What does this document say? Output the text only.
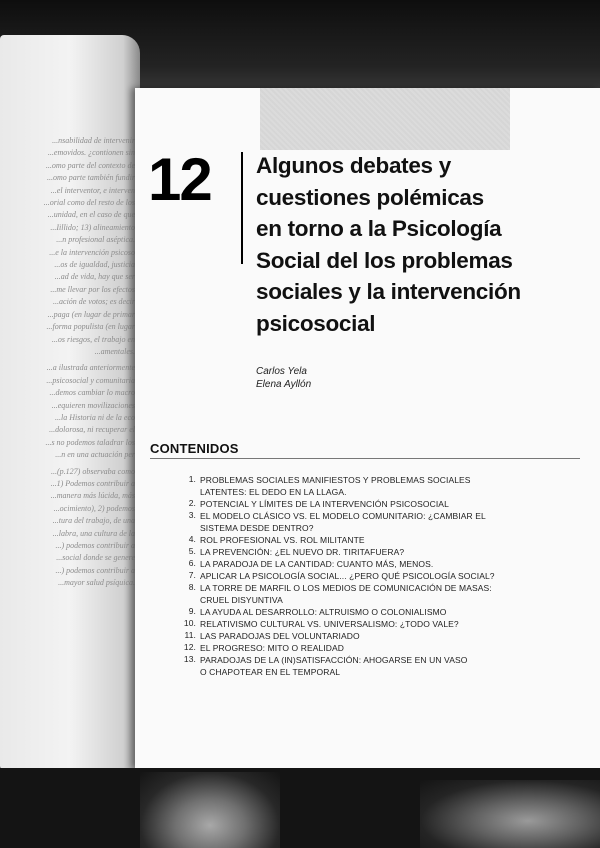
...nsabilidad de intervenir
...emovidos. ¿contionen sin
...omo parte del contexto de
...omo parte también fundir
...el interventor, e interven
...orial como del resto de los
...unidad, en el caso de que
...Iillido; 13) alineamiento
...n profesional aséptica.
...e la intervención psicoso
...os de igualdad, justicia
...ad de vida, hay que ser
...me llevar por los efectos
...ación de votos; es decir
...paga (en lugar de primar
...forma populista (en lugar
...os riesgos, el trabajo en
...amentales.
...a ilustrada anteriormente
...psicosocial y comunitaria
...demos cambiar lo macro
...equieren movilizaciones
...la Historia ni de la eco
...dolorosa, ni recuperar el
...s no podemos taladrar los
...n en una actuación per
...(p.127) observaba como
...1) Podemos contribuir a
...manera más lúcida, más
...ocimiento), 2) podemos
...tura del trabajo, de una
...labra, una cultura de la
...) podemos contribuir a
...social donde se genere
...) podemos contribuir a
...mayor salud psíquica.
12	Algunos debates y
cuestiones polémicas
en torno a la Psicología
Social del los problemas
sociales y la intervención
psicosocial
Carlos Yela
Elena Ayllón
CONTENIDOS
1. PROBLEMAS SOCIALES MANIFIESTOS Y PROBLEMAS SOCIALES
LATENTES: EL DEDO EN LA LLAGA.
2. POTENCIAL Y LÍMITES DE LA INTERVENCIÓN PSICOSOCIAL
3. EL MODELO CLÁSICO VS. EL MODELO COMUNITARIO: ¿CAMBIAR EL
SISTEMA DESDE DENTRO?
4. ROL PROFESIONAL VS. ROL MILITANTE
5. LA PREVENCIÓN: ¿EL NUEVO DR. TIRITAFUERA?
6. LA PARADOJA DE LA CANTIDAD: CUANTO MÁS, MENOS.
7. APLICAR LA PSICOLOGÍA SOCIAL... ¿PERO QUÉ PSICOLOGÍA SOCIAL?
8. LA TORRE DE MARFIL O LOS MEDIOS DE COMUNICACIÓN DE MASAS:
CRUEL DISYUNTIVA
9. LA AYUDA AL DESARROLLO: ALTRUISMO O COLONIALISMO
10. RELATIVISMO CULTURAL VS. UNIVERSALISMO: ¿TODO VALE?
11. LAS PARADOJAS DEL VOLUNTARIADO
12. EL PROGRESO: MITO O REALIDAD
13. PARADOJAS DE LA (IN)SATISFACCIÓN: AHOGARSE EN UN VASO
O CHAPOTEAR EN EL TEMPORAL
